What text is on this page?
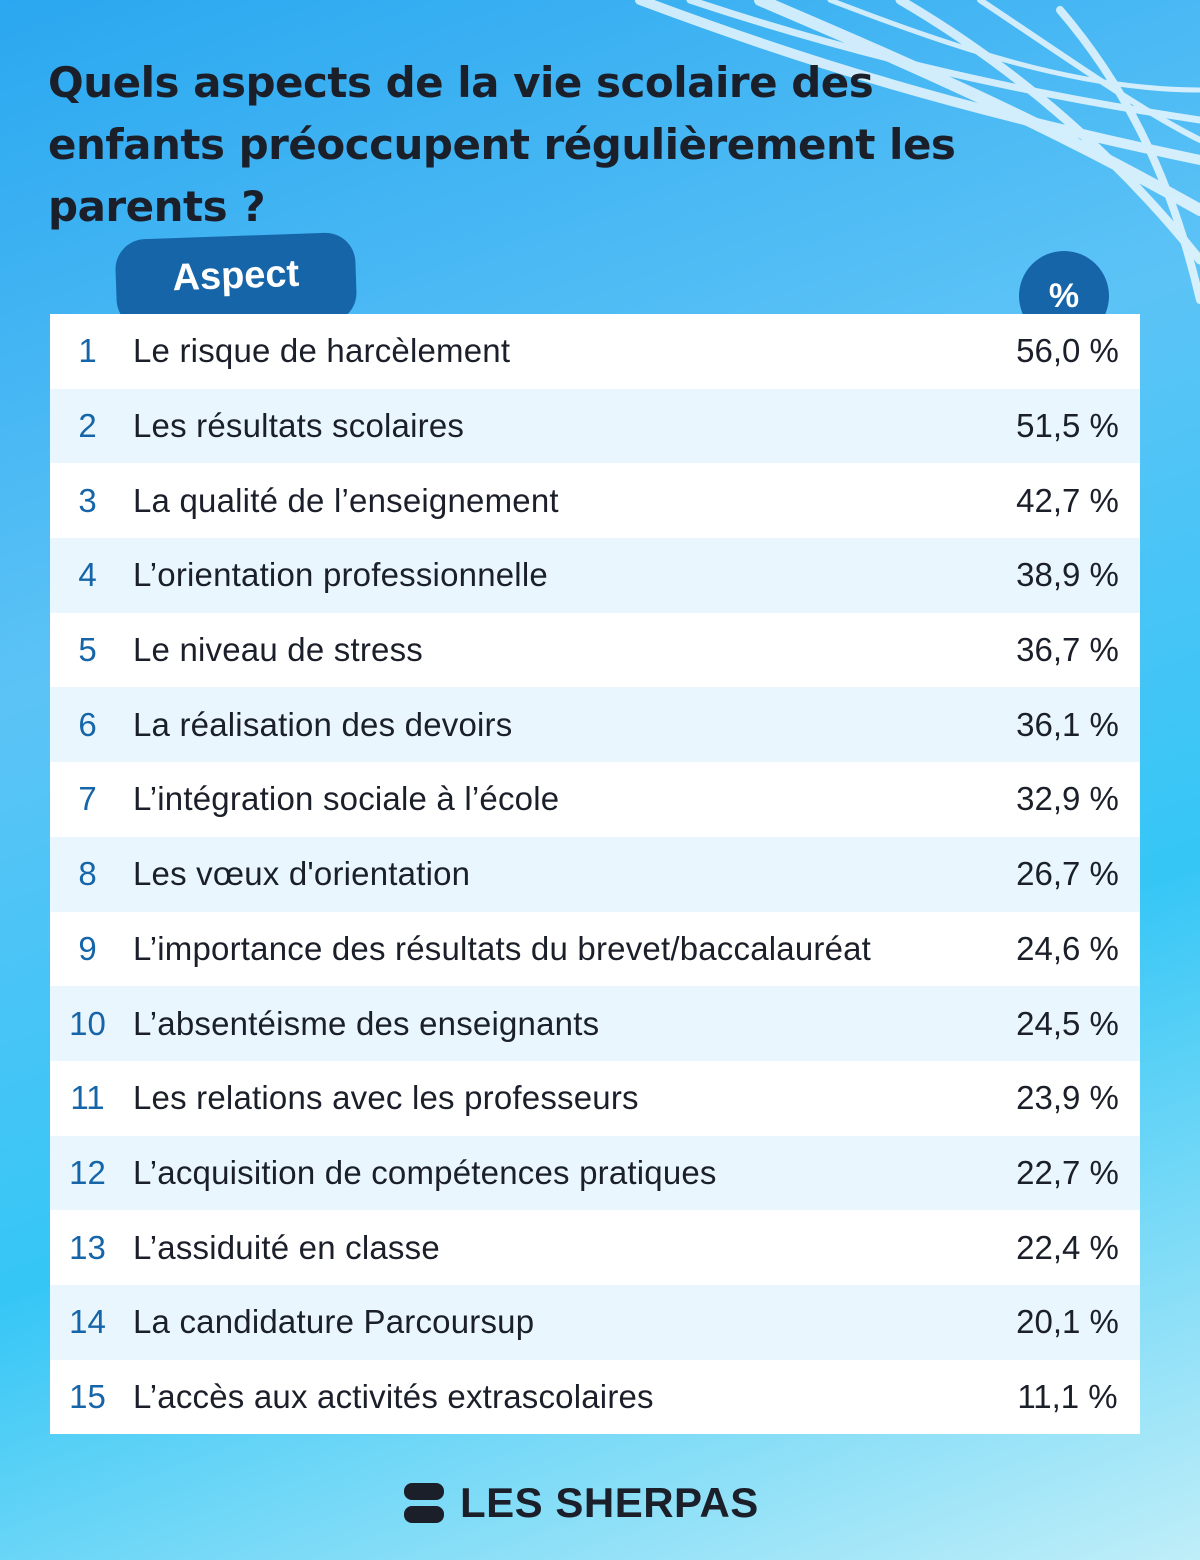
Quels aspects de la vie scolaire des enfants préoccupent régulièrement les parents ?
Aspect	%
1	Le risque de harcèlement	56,0 %
2	Les résultats scolaires	51,5 %
3	La qualité de l’enseignement	42,7 %
4	L’orientation professionnelle	38,9 %
5	Le niveau de stress	36,7 %
6	La réalisation des devoirs	36,1 %
7	L’intégration sociale à l’école	32,9 %
8	Les vœux d'orientation	26,7 %
9	L’importance des résultats du brevet/baccalauréat	24,6 %
10 L’absentéisme des enseignants	24,5 %
11 Les relations avec les professeurs	23,9 %
12 L’acquisition de compétences pratiques	22,7 %
13 L’assiduité en classe	22,4 %
14 La candidature Parcoursup	20,1 %
15 L’accès aux activités extrascolaires	11,1 %
LES SHERPAS
